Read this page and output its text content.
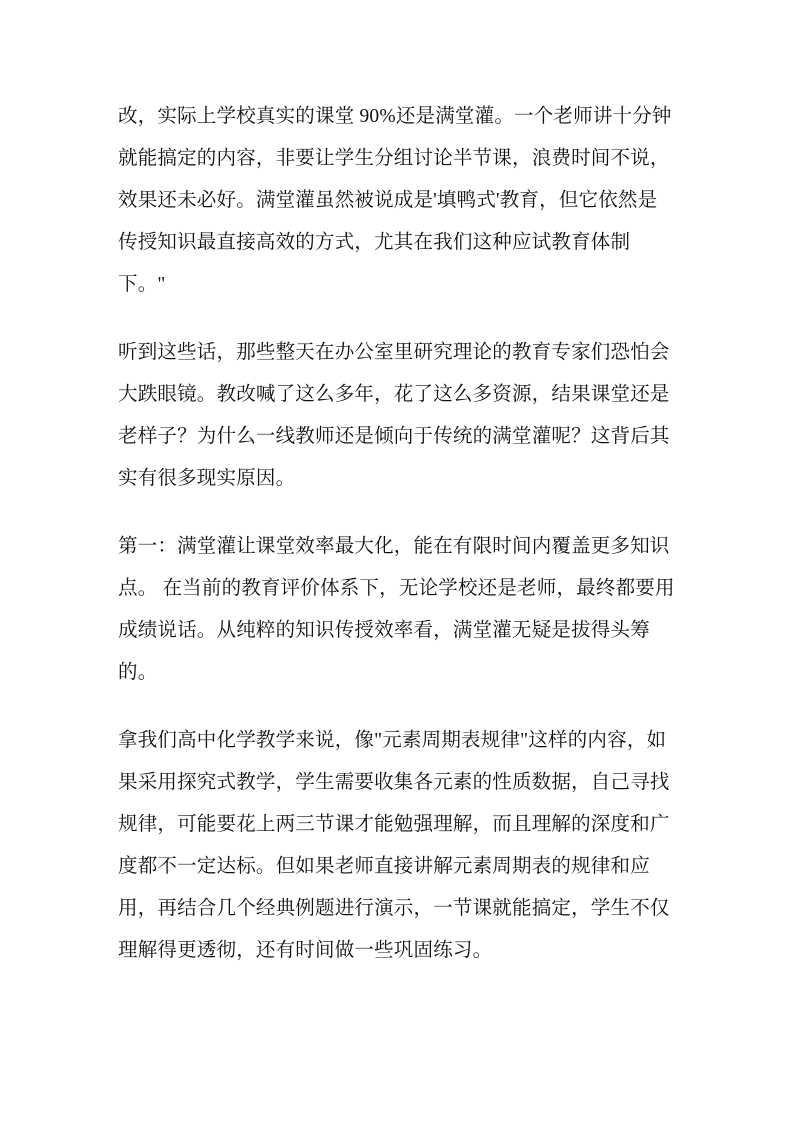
改，实际上学校真实的课堂 90%还是满堂灌。一个老师讲十分钟就能搞定的内容，非要让学生分组讨论半节课，浪费时间不说，效果还未必好。满堂灌虽然被说成是'填鸭式'教育，但它依然是传授知识最直接高效的方式，尤其在我们这种应试教育体制下。"

听到这些话，那些整天在办公室里研究理论的教育专家们恐怕会大跌眼镜。教改喊了这么多年，花了这么多资源，结果课堂还是老样子？为什么一线教师还是倾向于传统的满堂灌呢？这背后其实有很多现实原因。

第一：满堂灌让课堂效率最大化，能在有限时间内覆盖更多知识点。 在当前的教育评价体系下，无论学校还是老师，最终都要用成绩说话。从纯粹的知识传授效率看，满堂灌无疑是拔得头筹的。

拿我们高中化学教学来说，像"元素周期表规律"这样的内容，如果采用探究式教学，学生需要收集各元素的性质数据，自己寻找规律，可能要花上两三节课才能勉强理解，而且理解的深度和广度都不一定达标。但如果老师直接讲解元素周期表的规律和应用，再结合几个经典例题进行演示，一节课就能搞定，学生不仅理解得更透彻，还有时间做一些巩固练习。
